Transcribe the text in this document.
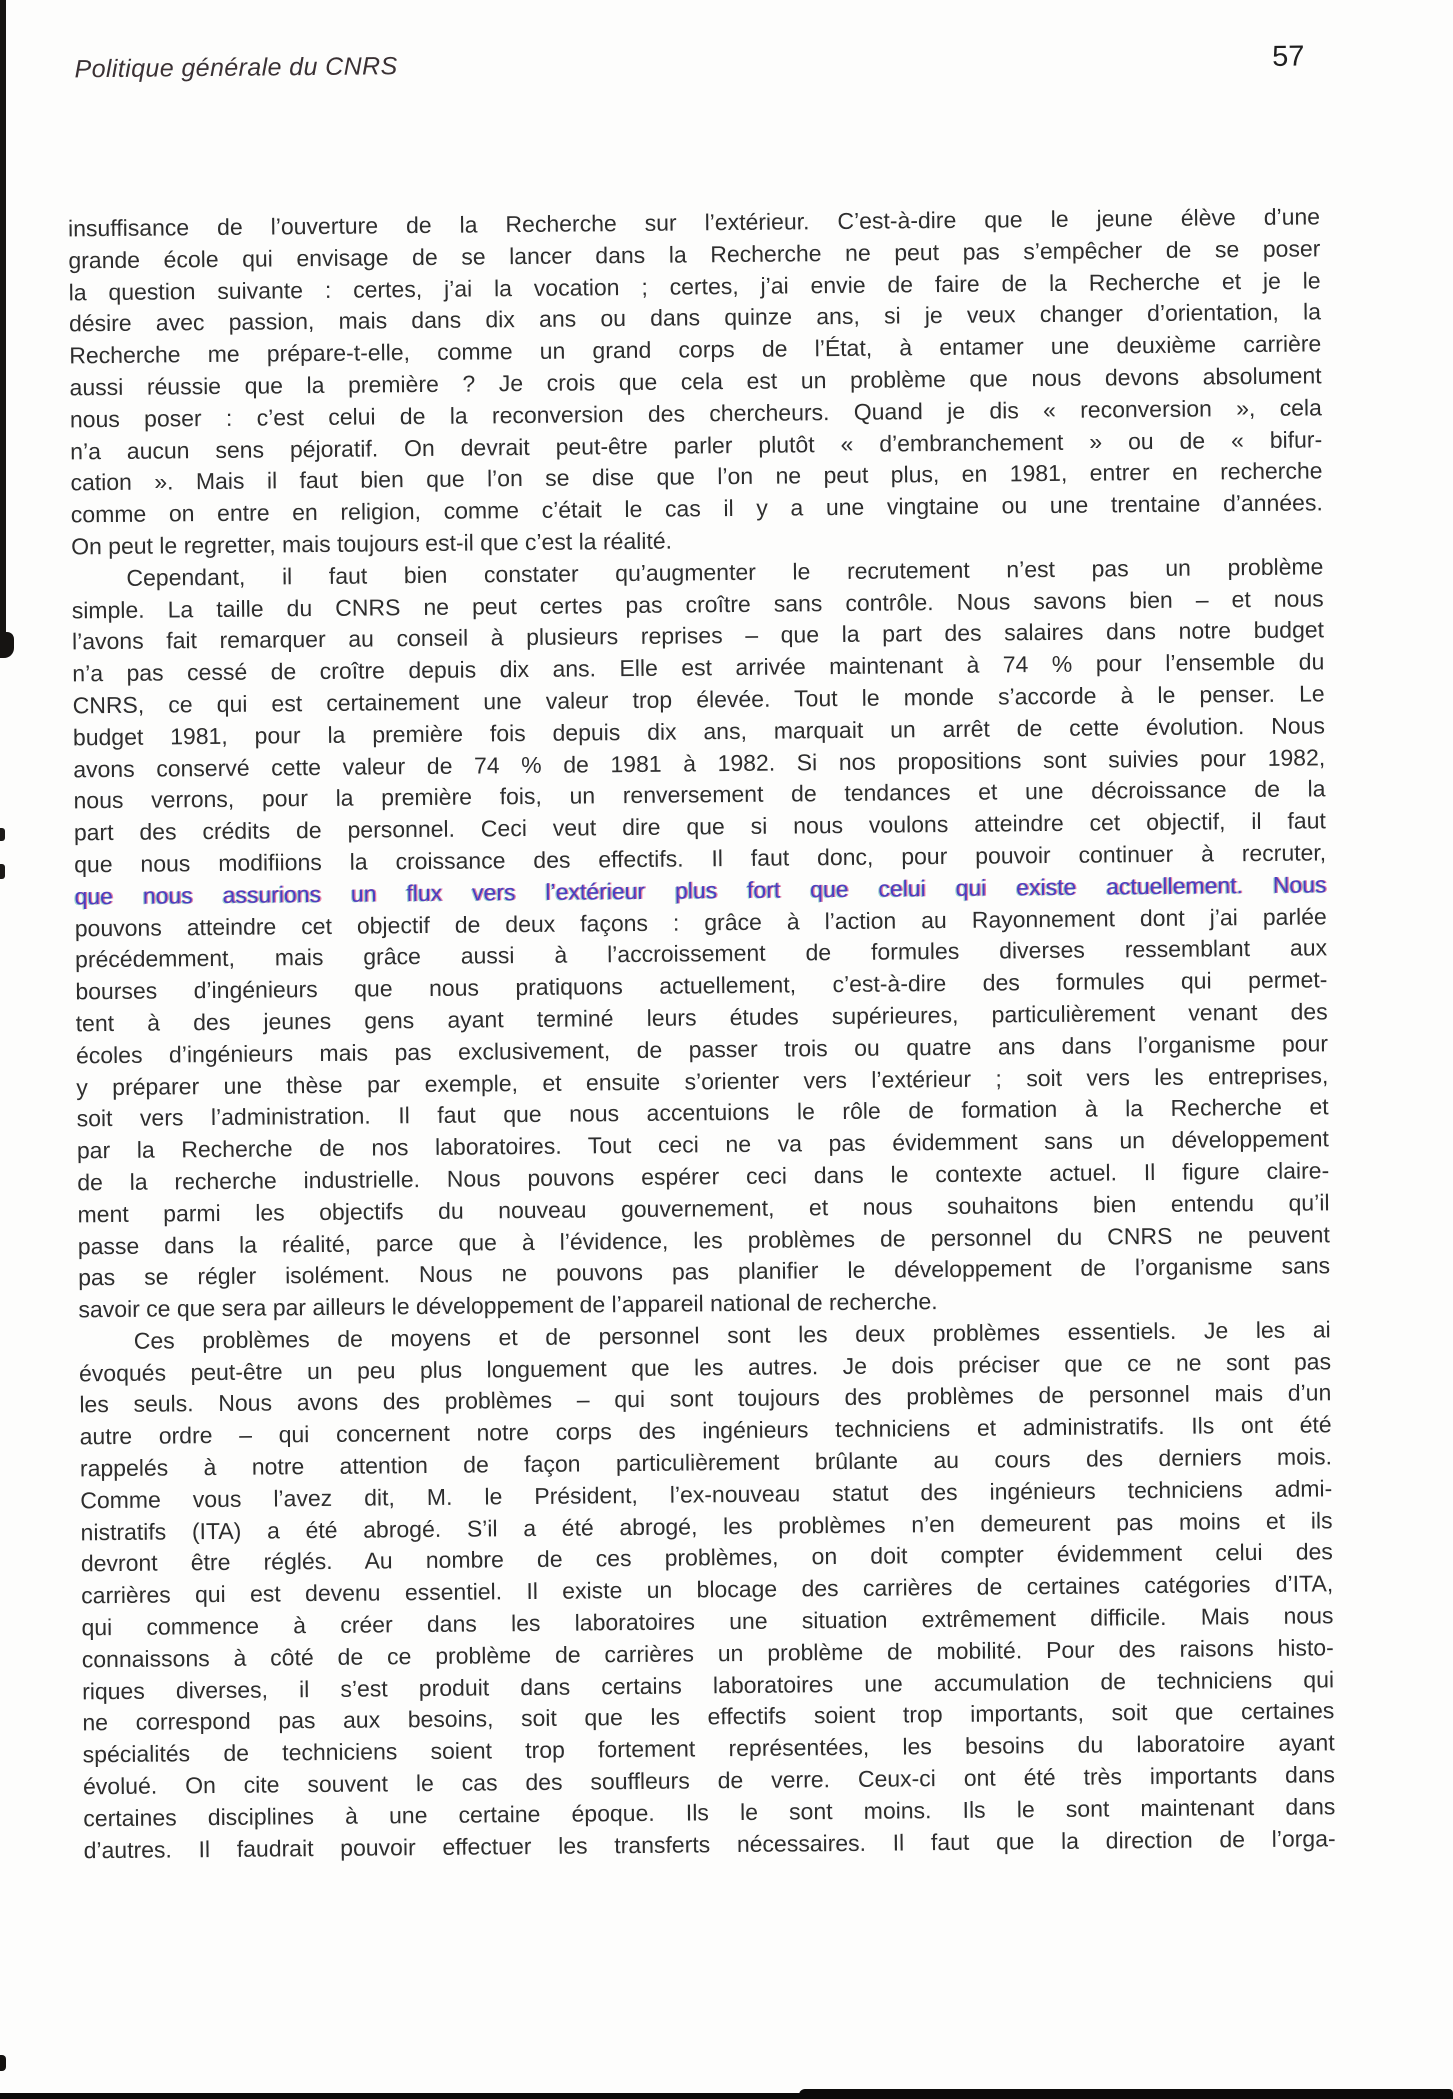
Politique générale du CNRS	57
insuffisance de l’ouverture de la Recherche sur l’extérieur. C’est-à-dire que le jeune élève d’une
grande école qui envisage de se lancer dans la Recherche ne peut pas s’empêcher de se poser
la question suivante : certes, j’ai la vocation ; certes, j’ai envie de faire de la Recherche et je le
désire avec passion, mais dans dix ans ou dans quinze ans, si je veux changer d’orientation, la
Recherche me prépare-t-elle, comme un grand corps de l’État, à entamer une deuxième carrière
aussi réussie que la première ? Je crois que cela est un problème que nous devons absolument
nous poser : c’est celui de la reconversion des chercheurs. Quand je dis « reconversion », cela
n’a aucun sens péjoratif. On devrait peut-être parler plutôt « d’embranchement » ou de « bifur-
cation ». Mais il faut bien que l’on se dise que l’on ne peut plus, en 1981, entrer en recherche
comme on entre en religion, comme c’était le cas il y a une vingtaine ou une trentaine d’années.
On peut le regretter, mais toujours est-il que c’est la réalité.
Cependant, il faut bien constater qu’augmenter le recrutement n’est pas un problème
simple. La taille du CNRS ne peut certes pas croître sans contrôle. Nous savons bien – et nous
l’avons fait remarquer au conseil à plusieurs reprises – que la part des salaires dans notre budget
n’a pas cessé de croître depuis dix ans. Elle est arrivée maintenant à 74 % pour l’ensemble du
CNRS, ce qui est certainement une valeur trop élevée. Tout le monde s’accorde à le penser. Le
budget 1981, pour la première fois depuis dix ans, marquait un arrêt de cette évolution. Nous
avons conservé cette valeur de 74 % de 1981 à 1982. Si nos propositions sont suivies pour 1982,
nous verrons, pour la première fois, un renversement de tendances et une décroissance de la
part des crédits de personnel. Ceci veut dire que si nous voulons atteindre cet objectif, il faut
que nous modifiions la croissance des effectifs. Il faut donc, pour pouvoir continuer à recruter,
que nous assurions un flux vers l’extérieur plus fort que celui qui existe actuellement. Nous
pouvons atteindre cet objectif de deux façons : grâce à l’action au Rayonnement dont j’ai parlée
précédemment, mais grâce aussi à l’accroissement de formules diverses ressemblant aux
bourses d’ingénieurs que nous pratiquons actuellement, c’est-à-dire des formules qui permet-
tent à des jeunes gens ayant terminé leurs études supérieures, particulièrement venant des
écoles d’ingénieurs mais pas exclusivement, de passer trois ou quatre ans dans l’organisme pour
y préparer une thèse par exemple, et ensuite s’orienter vers l’extérieur ; soit vers les entreprises,
soit vers l’administration. Il faut que nous accentuions le rôle de formation à la Recherche et
par la Recherche de nos laboratoires. Tout ceci ne va pas évidemment sans un développement
de la recherche industrielle. Nous pouvons espérer ceci dans le contexte actuel. Il figure claire-
ment parmi les objectifs du nouveau gouvernement, et nous souhaitons bien entendu qu’il
passe dans la réalité, parce que à l’évidence, les problèmes de personnel du CNRS ne peuvent
pas se régler isolément. Nous ne pouvons pas planifier le développement de l’organisme sans
savoir ce que sera par ailleurs le développement de l’appareil national de recherche.
Ces problèmes de moyens et de personnel sont les deux problèmes essentiels. Je les ai
évoqués peut-être un peu plus longuement que les autres. Je dois préciser que ce ne sont pas
les seuls. Nous avons des problèmes – qui sont toujours des problèmes de personnel mais d’un
autre ordre – qui concernent notre corps des ingénieurs techniciens et administratifs. Ils ont été
rappelés à notre attention de façon particulièrement brûlante au cours des derniers mois.
Comme vous l’avez dit, M. le Président, l’ex-nouveau statut des ingénieurs techniciens admi-
nistratifs (ITA) a été abrogé. S’il a été abrogé, les problèmes n’en demeurent pas moins et ils
devront être réglés. Au nombre de ces problèmes, on doit compter évidemment celui des
carrières qui est devenu essentiel. Il existe un blocage des carrières de certaines catégories d’ITA,
qui commence à créer dans les laboratoires une situation extrêmement difficile. Mais nous
connaissons à côté de ce problème de carrières un problème de mobilité. Pour des raisons histo-
riques diverses, il s’est produit dans certains laboratoires une accumulation de techniciens qui
ne correspond pas aux besoins, soit que les effectifs soient trop importants, soit que certaines
spécialités de techniciens soient trop fortement représentées, les besoins du laboratoire ayant
évolué. On cite souvent le cas des souffleurs de verre. Ceux-ci ont été très importants dans
certaines disciplines à une certaine époque. Ils le sont moins. Ils le sont maintenant dans
d’autres. Il faudrait pouvoir effectuer les transferts nécessaires. Il faut que la direction de l’orga-
